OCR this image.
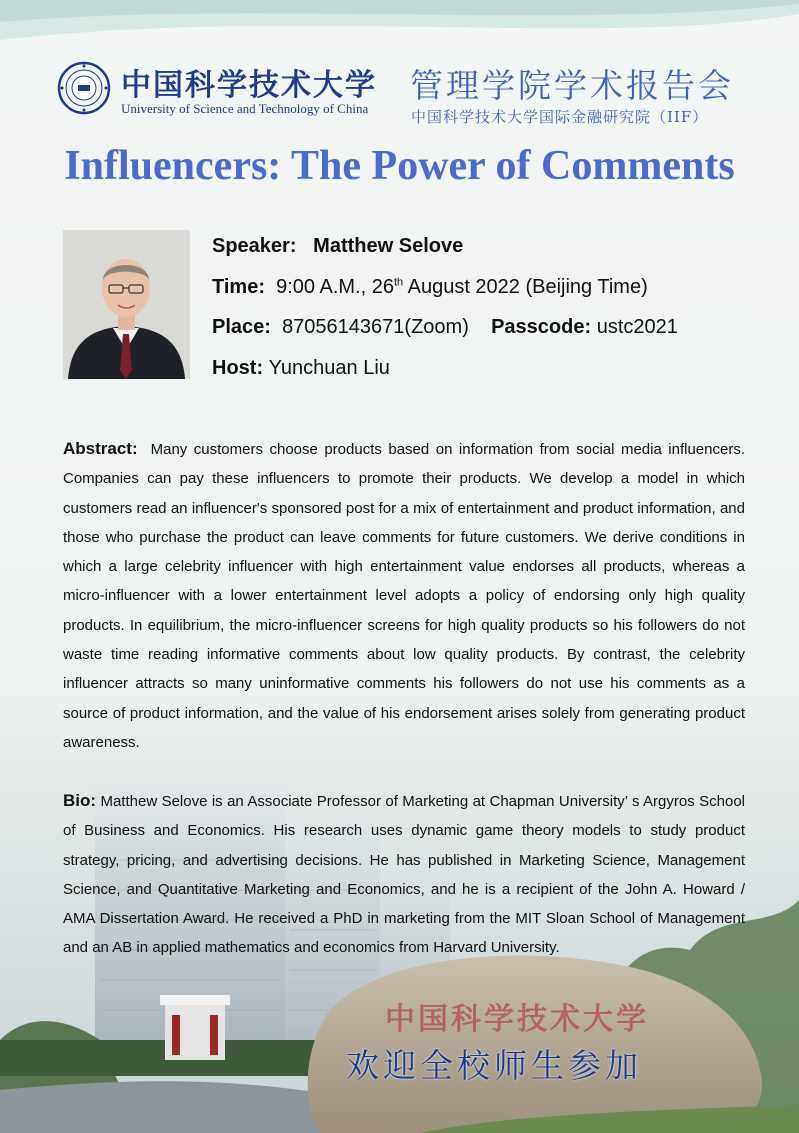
中国科学技术大学
University of Science and Technology of China
管理学院学术报告会
中国科学技术大学国际金融研究院（IIF）
Influencers: The Power of Comments
Speaker: Matthew Selove
Time: 9:00 A.M., 26th August 2022 (Beijing Time)
Place: 87056143671(Zoom) Passcode: ustc2021
Host: Yunchuan Liu

Abstract: Many customers choose products based on information from social media influencers. Companies can pay these influencers to promote their products. We develop a model in which customers read an influencer's sponsored post for a mix of entertainment and product information, and those who purchase the product can leave comments for future customers. We derive conditions in which a large celebrity influencer with high entertainment value endorses all products, whereas a micro-influencer with a lower entertainment level adopts a policy of endorsing only high quality products. In equilibrium, the micro-influencer screens for high quality products so his followers do not waste time reading informative comments about low quality products. By contrast, the celebrity influencer attracts so many uninformative comments his followers do not use his comments as a source of product information, and the value of his endorsement arises solely from generating product awareness.

Bio: Matthew Selove is an Associate Professor of Marketing at Chapman University’ s Argyros School of Business and Economics. His research uses dynamic game theory models to study product strategy, pricing, and advertising decisions. He has published in Marketing Science, Management Science, and Quantitative Marketing and Economics, and he is a recipient of the John A. Howard / AMA Dissertation Award. He received a PhD in marketing from the MIT Sloan School of Management and an AB in applied mathematics and economics from Harvard University.

中国科学技术大学
欢迎全校师生参加
